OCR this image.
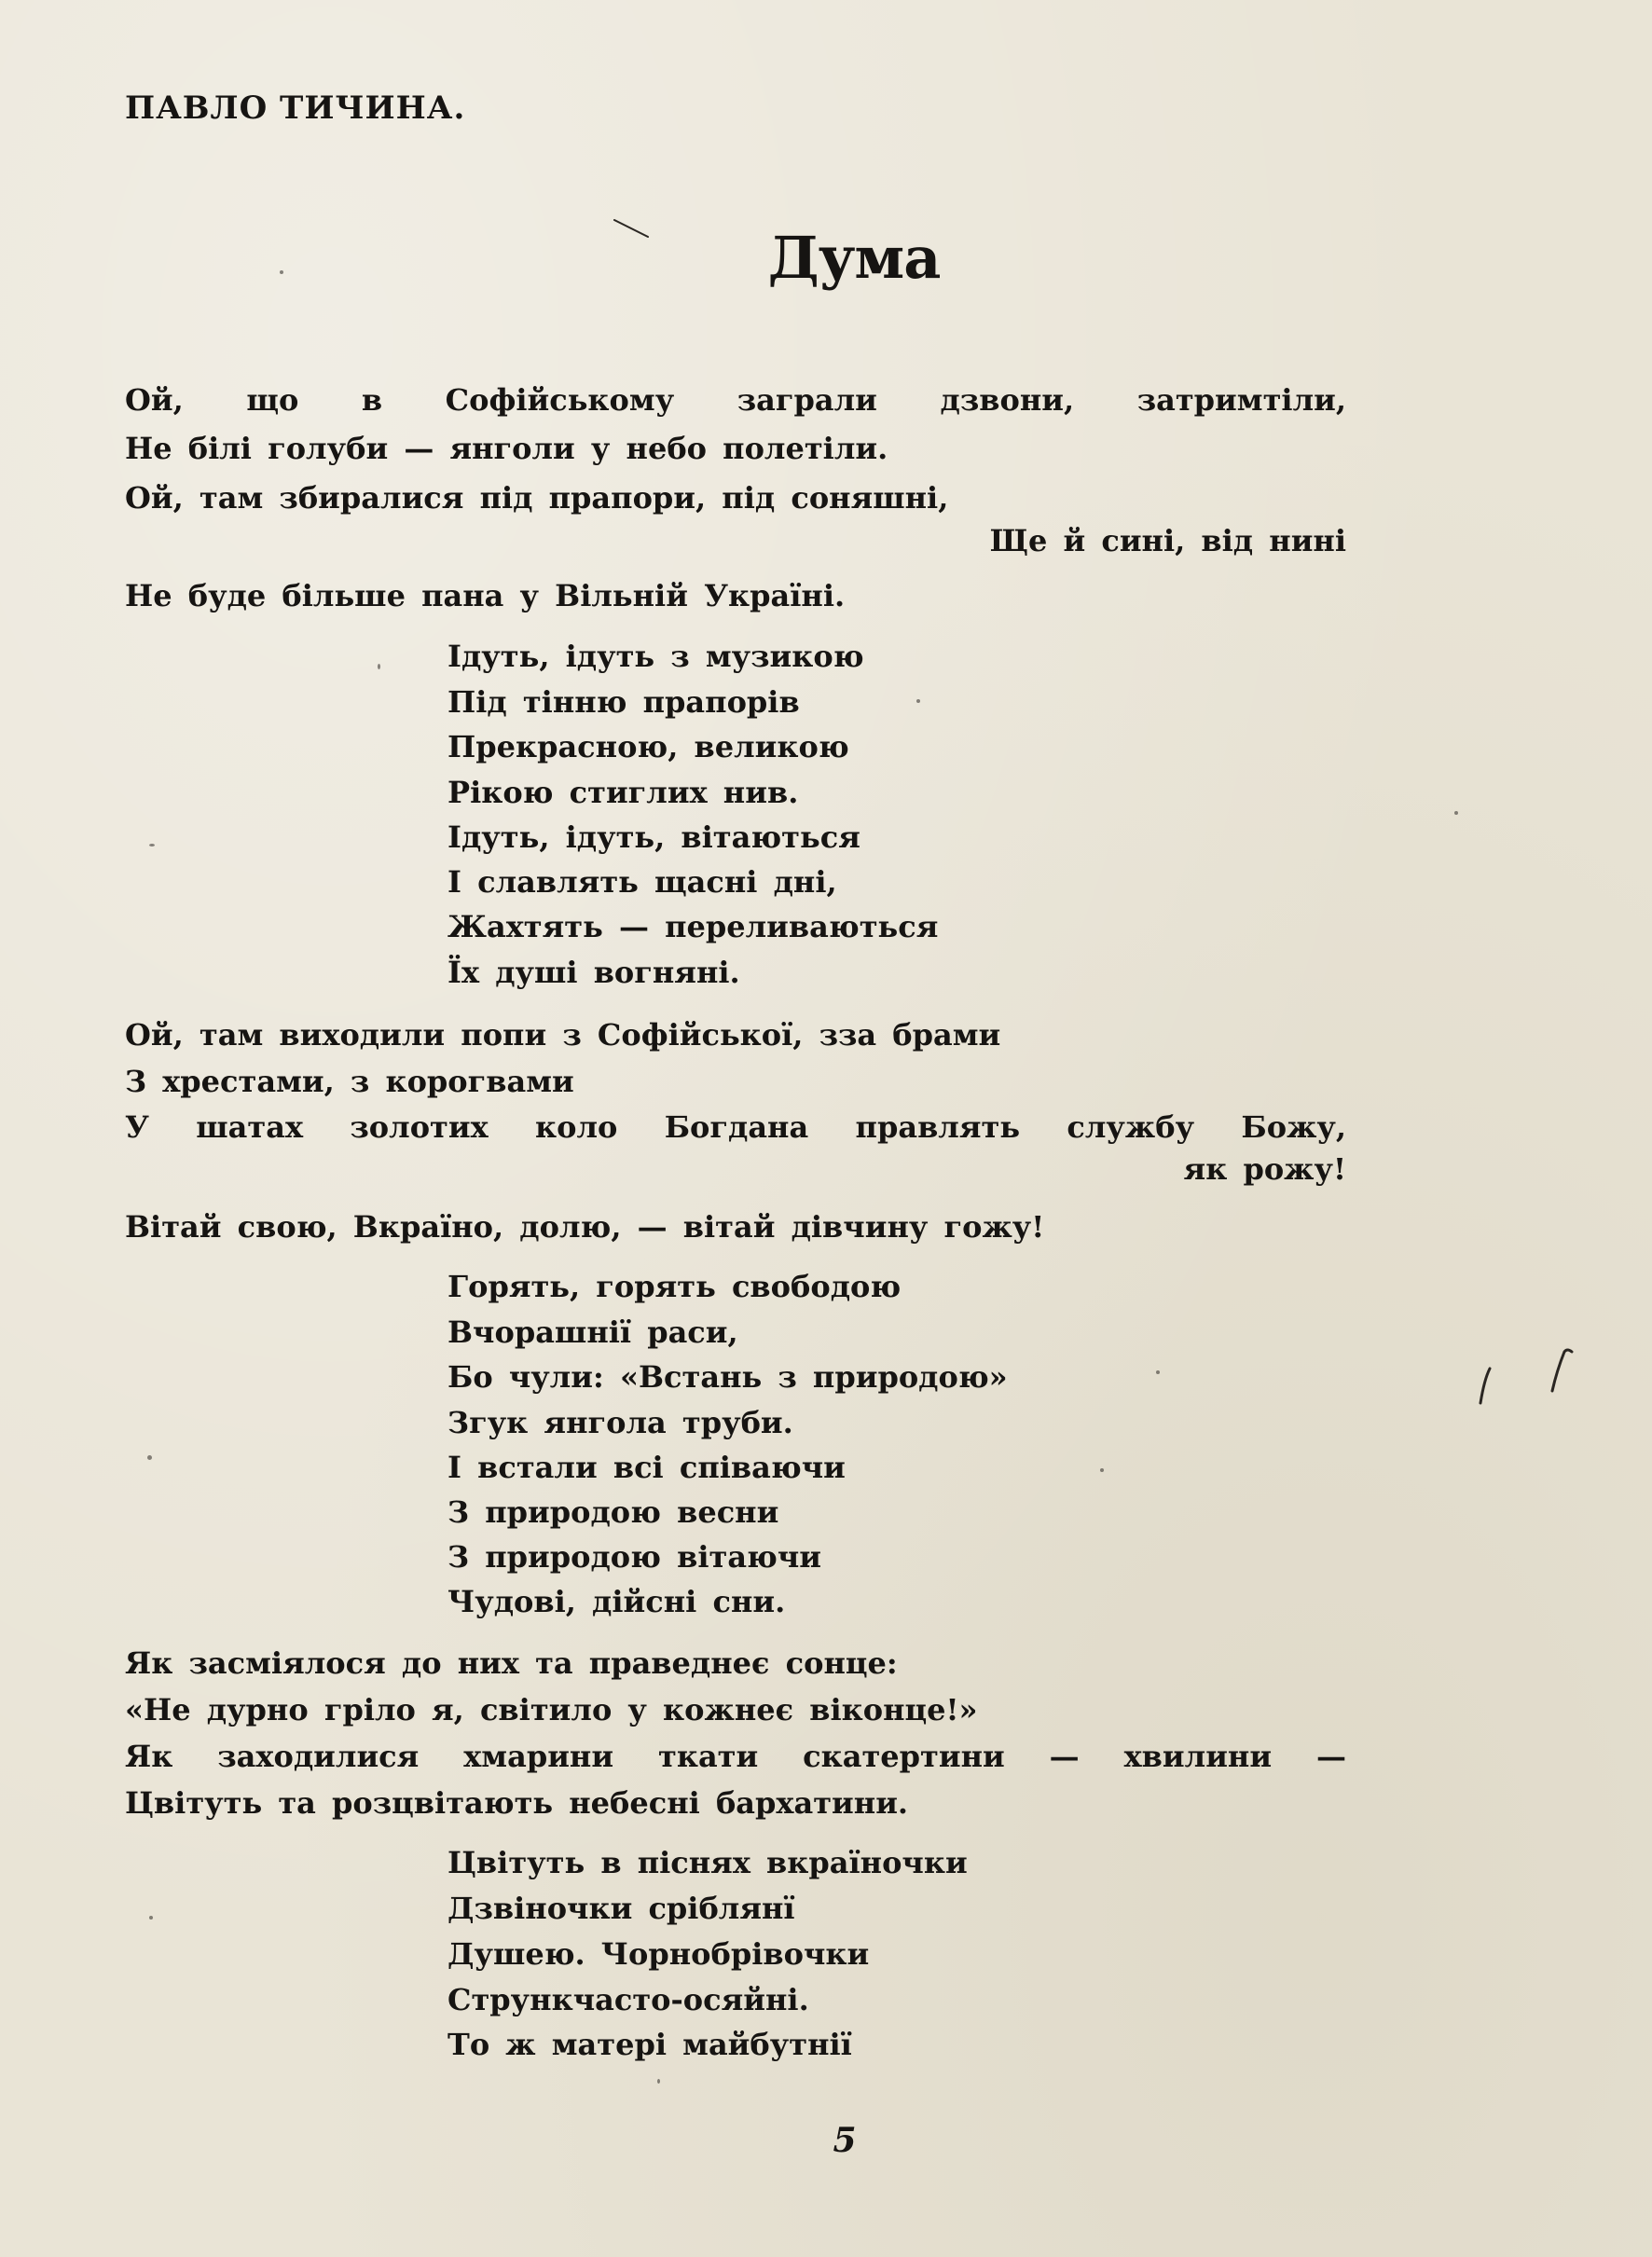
ПАВЛО ТИЧИНА.
Дума
Ой, що в Софійському заграли дзвони, затримтіли,
Не білі голуби — янголи у небо полетіли.
Ой, там збиралися під прапори, під соняшні,
Ще й сині, від нині
Не буде більше пана у Вільній Україні.
Ідуть, ідуть з музикою
Під тінню прапорів
Прекрасною, великою
Рікою стиглих нив.
Ідуть, ідуть, вітаються
І славлять щасні дні,
Жахтять — переливаються
Їх душі вогняні.
Ой, там виходили попи з Софійської, зза брами
З хрестами, з корогвами
У шатах золотих коло Богдана правлять службу Божу,
як рожу!
Вітай свою, Вкраїно, долю, — вітай дівчину гожу!
Горять, горять свободою
Вчорашнії раси,
Бо чули: «Встань з природою»
Згук янгола труби.
І встали всі співаючи
З природою весни
З природою вітаючи
Чудові, дійсні сни.
Як засміялося до них та праведнеє сонце:
«Не дурно гріло я, світило у кожнеє віконце!»
Як заходилися хмарини ткати скатертини — хвилини —
Цвітуть та розцвітають небесні бархатини.
Цвітуть в піснях вкраїночки
Дзвіночки сріблянї
Душею. Чорнобрівочки
Стрункчасто-осяйні.
То ж матері майбутнії
5
